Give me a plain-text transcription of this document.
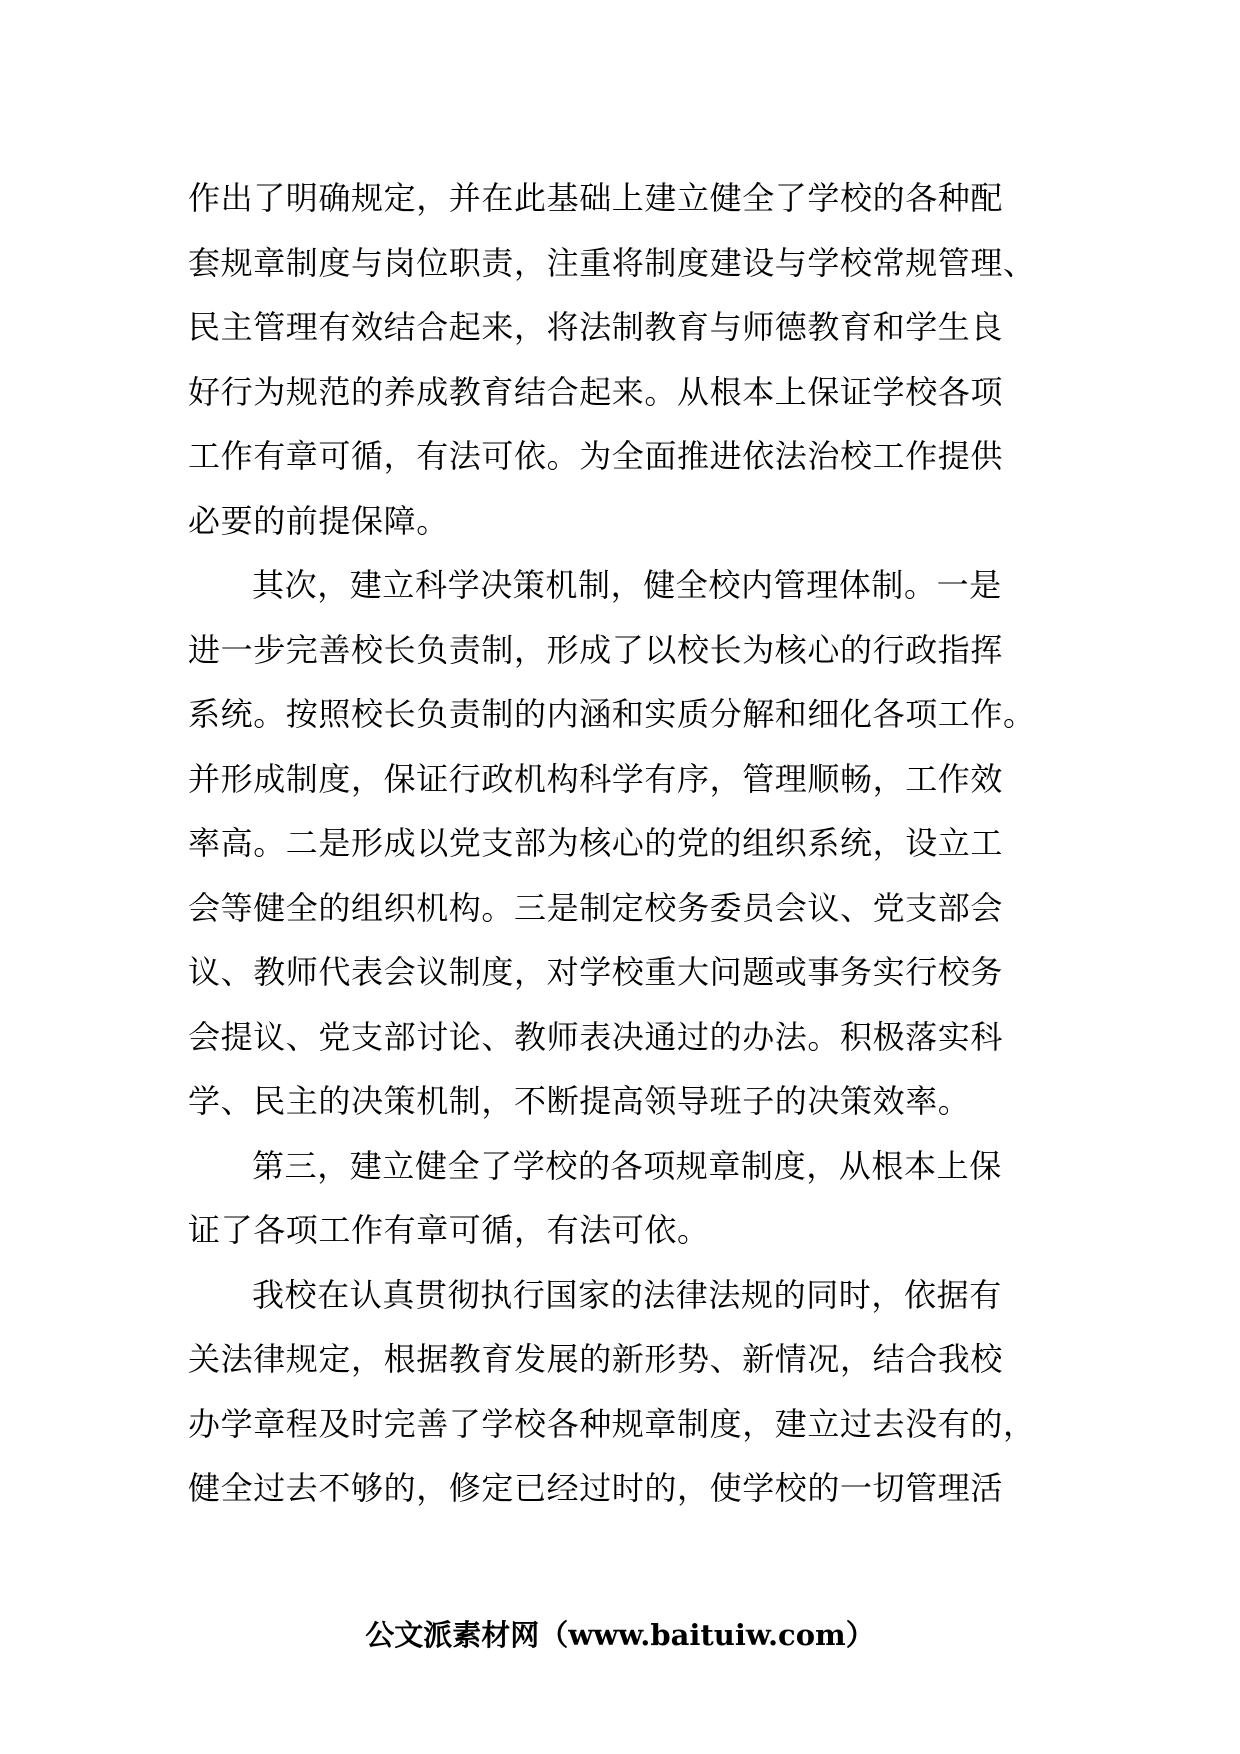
作出了明确规定，并在此基础上建立健全了学校的各种配
套规章制度与岗位职责，注重将制度建设与学校常规管理、
民主管理有效结合起来，将法制教育与师德教育和学生良
好行为规范的养成教育结合起来。从根本上保证学校各项
工作有章可循，有法可依。为全面推进依法治校工作提供
必要的前提保障。
其次，建立科学决策机制，健全校内管理体制。一是
进一步完善校长负责制，形成了以校长为核心的行政指挥
系统。按照校长负责制的内涵和实质分解和细化各项工作。
并形成制度，保证行政机构科学有序，管理顺畅，工作效
率高。二是形成以党支部为核心的党的组织系统，设立工
会等健全的组织机构。三是制定校务委员会议、党支部会
议、教师代表会议制度，对学校重大问题或事务实行校务
会提议、党支部讨论、教师表决通过的办法。积极落实科
学、民主的决策机制，不断提高领导班子的决策效率。
第三，建立健全了学校的各项规章制度，从根本上保
证了各项工作有章可循，有法可依。
我校在认真贯彻执行国家的法律法规的同时，依据有
关法律规定，根据教育发展的新形势、新情况，结合我校
办学章程及时完善了学校各种规章制度，建立过去没有的，
健全过去不够的，修定已经过时的，使学校的一切管理活
公文派素材网（www.baituiw.com）
